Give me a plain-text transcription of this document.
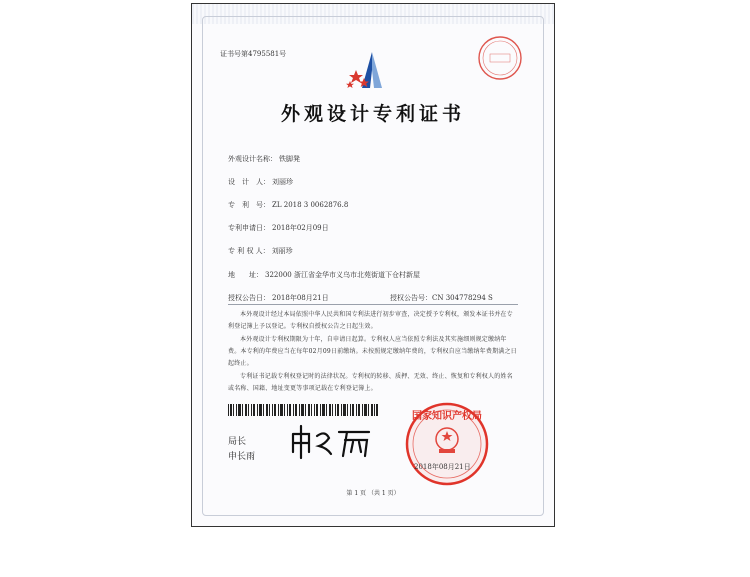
证书号第4795581号
外观设计专利证书
外观设计名称： 铁脚凳
设　计　人： 刘丽珍
专　利　号： ZL 2018 3 0062876.8
专利申请日： 2018年02月09日
专 利 权 人： 刘丽珍
地　　址： 322000 浙江省金华市义乌市北苑街道下仓村新屋
授权公告日： 2018年08月21日	授权公告号：CN 304778294 S

本外观设计经过本局依照中华人民共和国专利法进行初步审查，决定授予专利权，颁发本证书并在专利登记簿上予以登记。专利权自授权公告之日起生效。

本外观设计专利权期限为十年，自申请日起算。专利权人应当依照专利法及其实施细则规定缴纳年费。本专利的年费应当在每年02月09日前缴纳。未按照规定缴纳年费的，专利权自应当缴纳年费期满之日起终止。

专利证书记载专利权登记时的法律状况。专利权的转移、质押、无效、终止、恢复和专利权人的姓名或名称、国籍、地址变更等事项记载在专利登记簿上。

局长
申长雨
国家知识产权局
2018年08月21日
第 1 页 （共 1 页）
